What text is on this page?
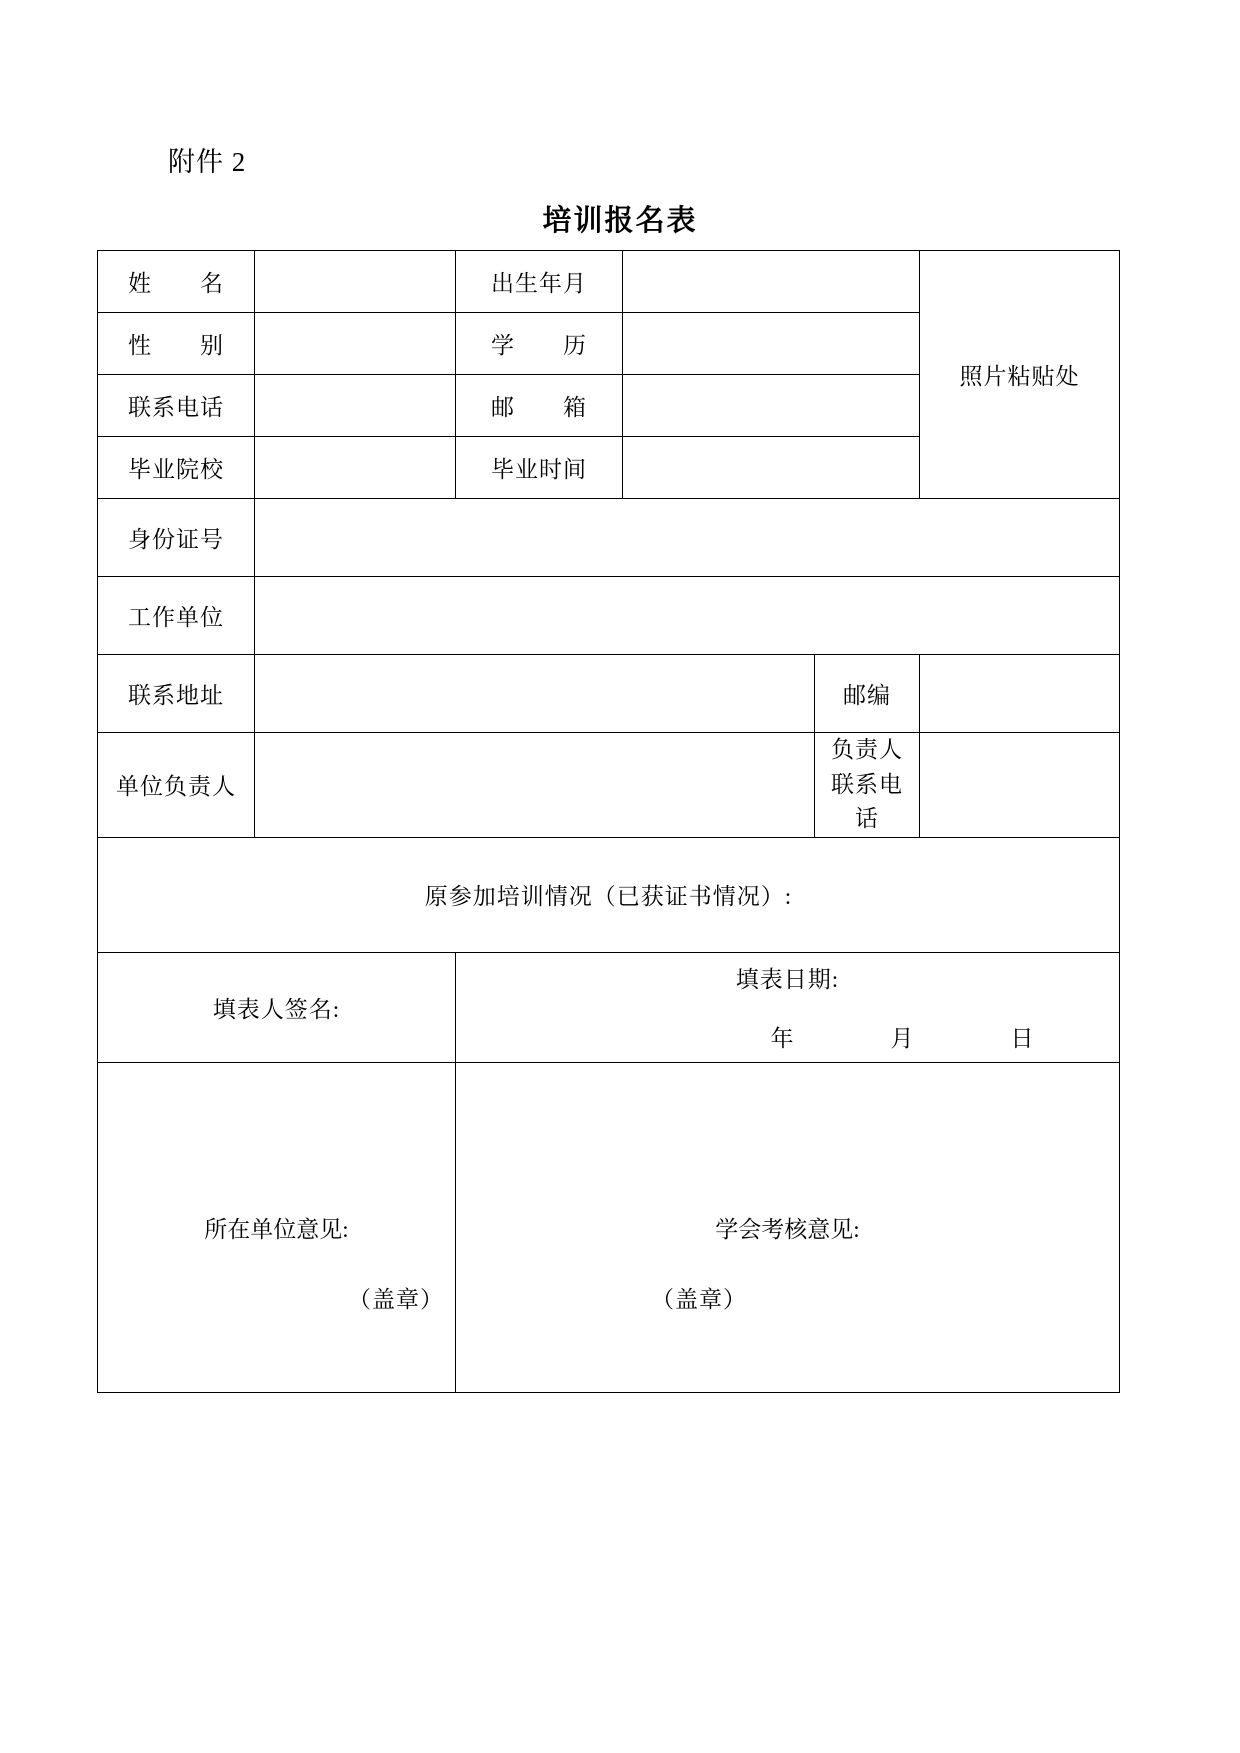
附件 2
培训报名表
姓　　名		出生年月			照片粘贴处
性　　别		学　　历			
联系电话		邮　　箱			
毕业院校		毕业时间			
身份证号					
工作单位					
联系地址				邮编	
单位负责人				负责人
联系电话	

原参加培训情况（已获证书情况）:					
填表人签名:		填表日期:
年　　　　月　　　　日			

所在单位意见:
（盖章）

学会考核意见:
（盖章）
